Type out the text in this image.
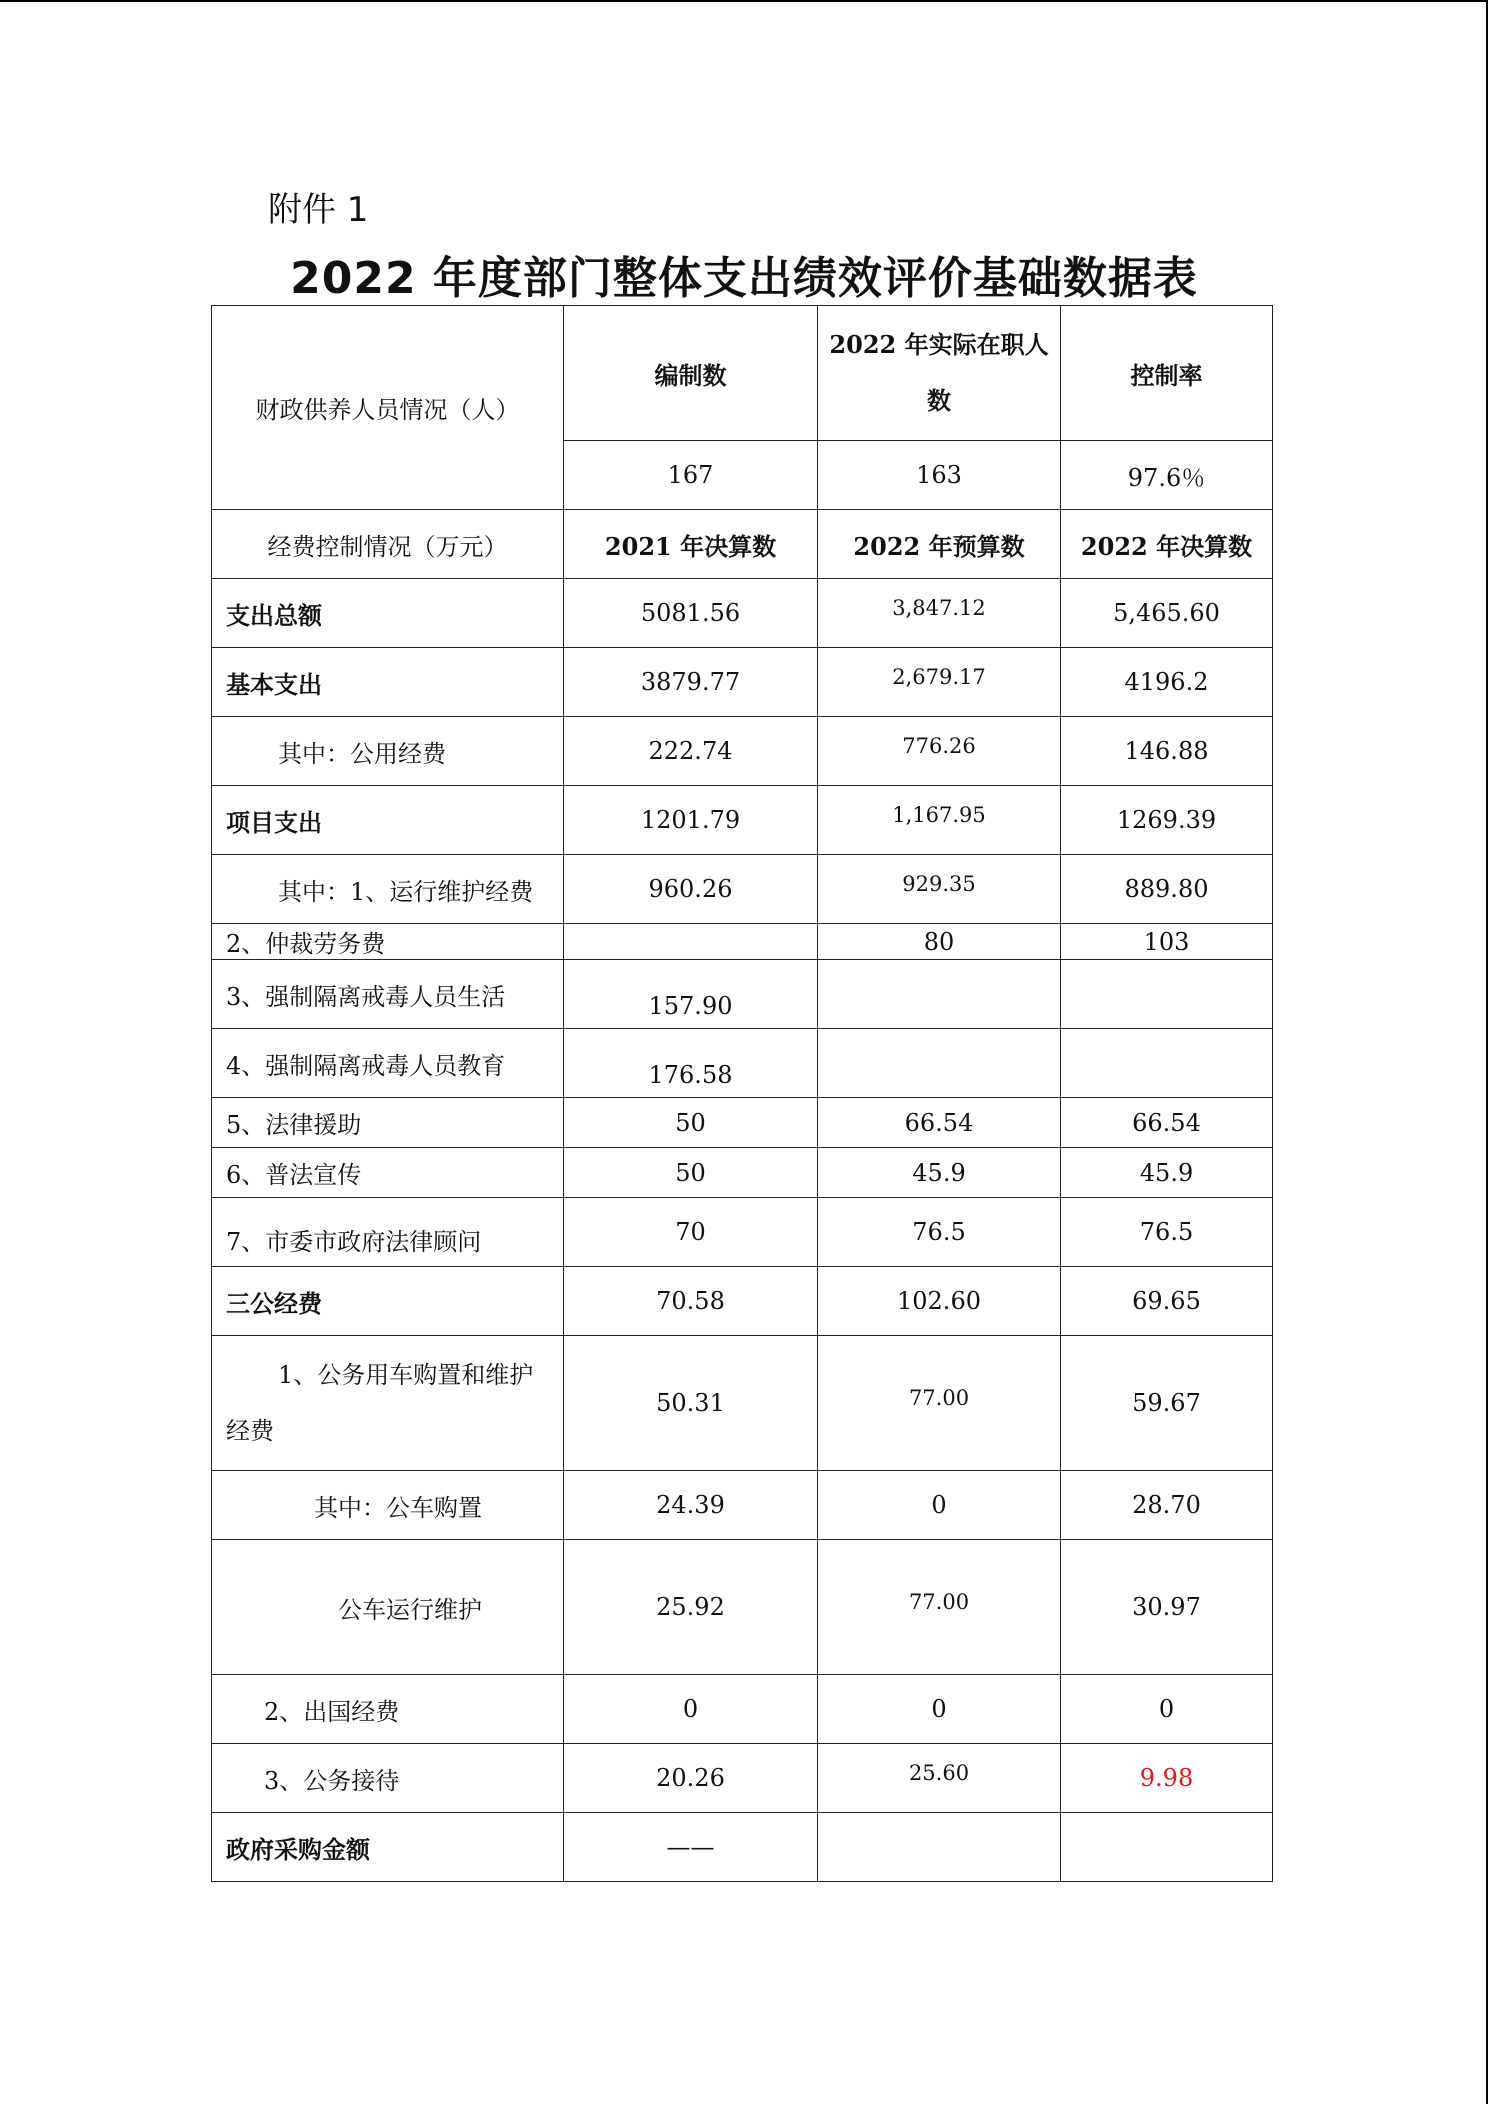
附件 1
2022 年度部门整体支出绩效评价基础数据表
财政供养人员情况（人）	编制数	2022 年实际在职人数	控制率
	167	163	97.6％
经费控制情况（万元）	2021 年决算数	2022 年预算数	2022 年决算数
支出总额	5081.56	3,847.12	5,465.60
基本支出	3879.77	2,679.17	4196.2
其中：公用经费	222.74	776.26	146.88
项目支出	1201.79	1,167.95	1269.39
其中：1、运行维护经费	960.26	929.35	889.80
2、仲裁劳务费		80	103
3、强制隔离戒毒人员生活	157.90		
4、强制隔离戒毒人员教育	176.58		
5、法律援助	50	66.54	66.54
6、普法宣传	50	45.9	45.9
7、市委市政府法律顾问	70	76.5	76.5
三公经费	70.58	102.60	69.65

1、公务用车购置和维护
经费	50.31	77.00	59.67
其中：公车购置	24.39	0	28.70
公车运行维护	25.92	77.00	30.97
2、出国经费	0	0	0
3、公务接待	20.26	25.60	9.98
政府采购金额	——		
